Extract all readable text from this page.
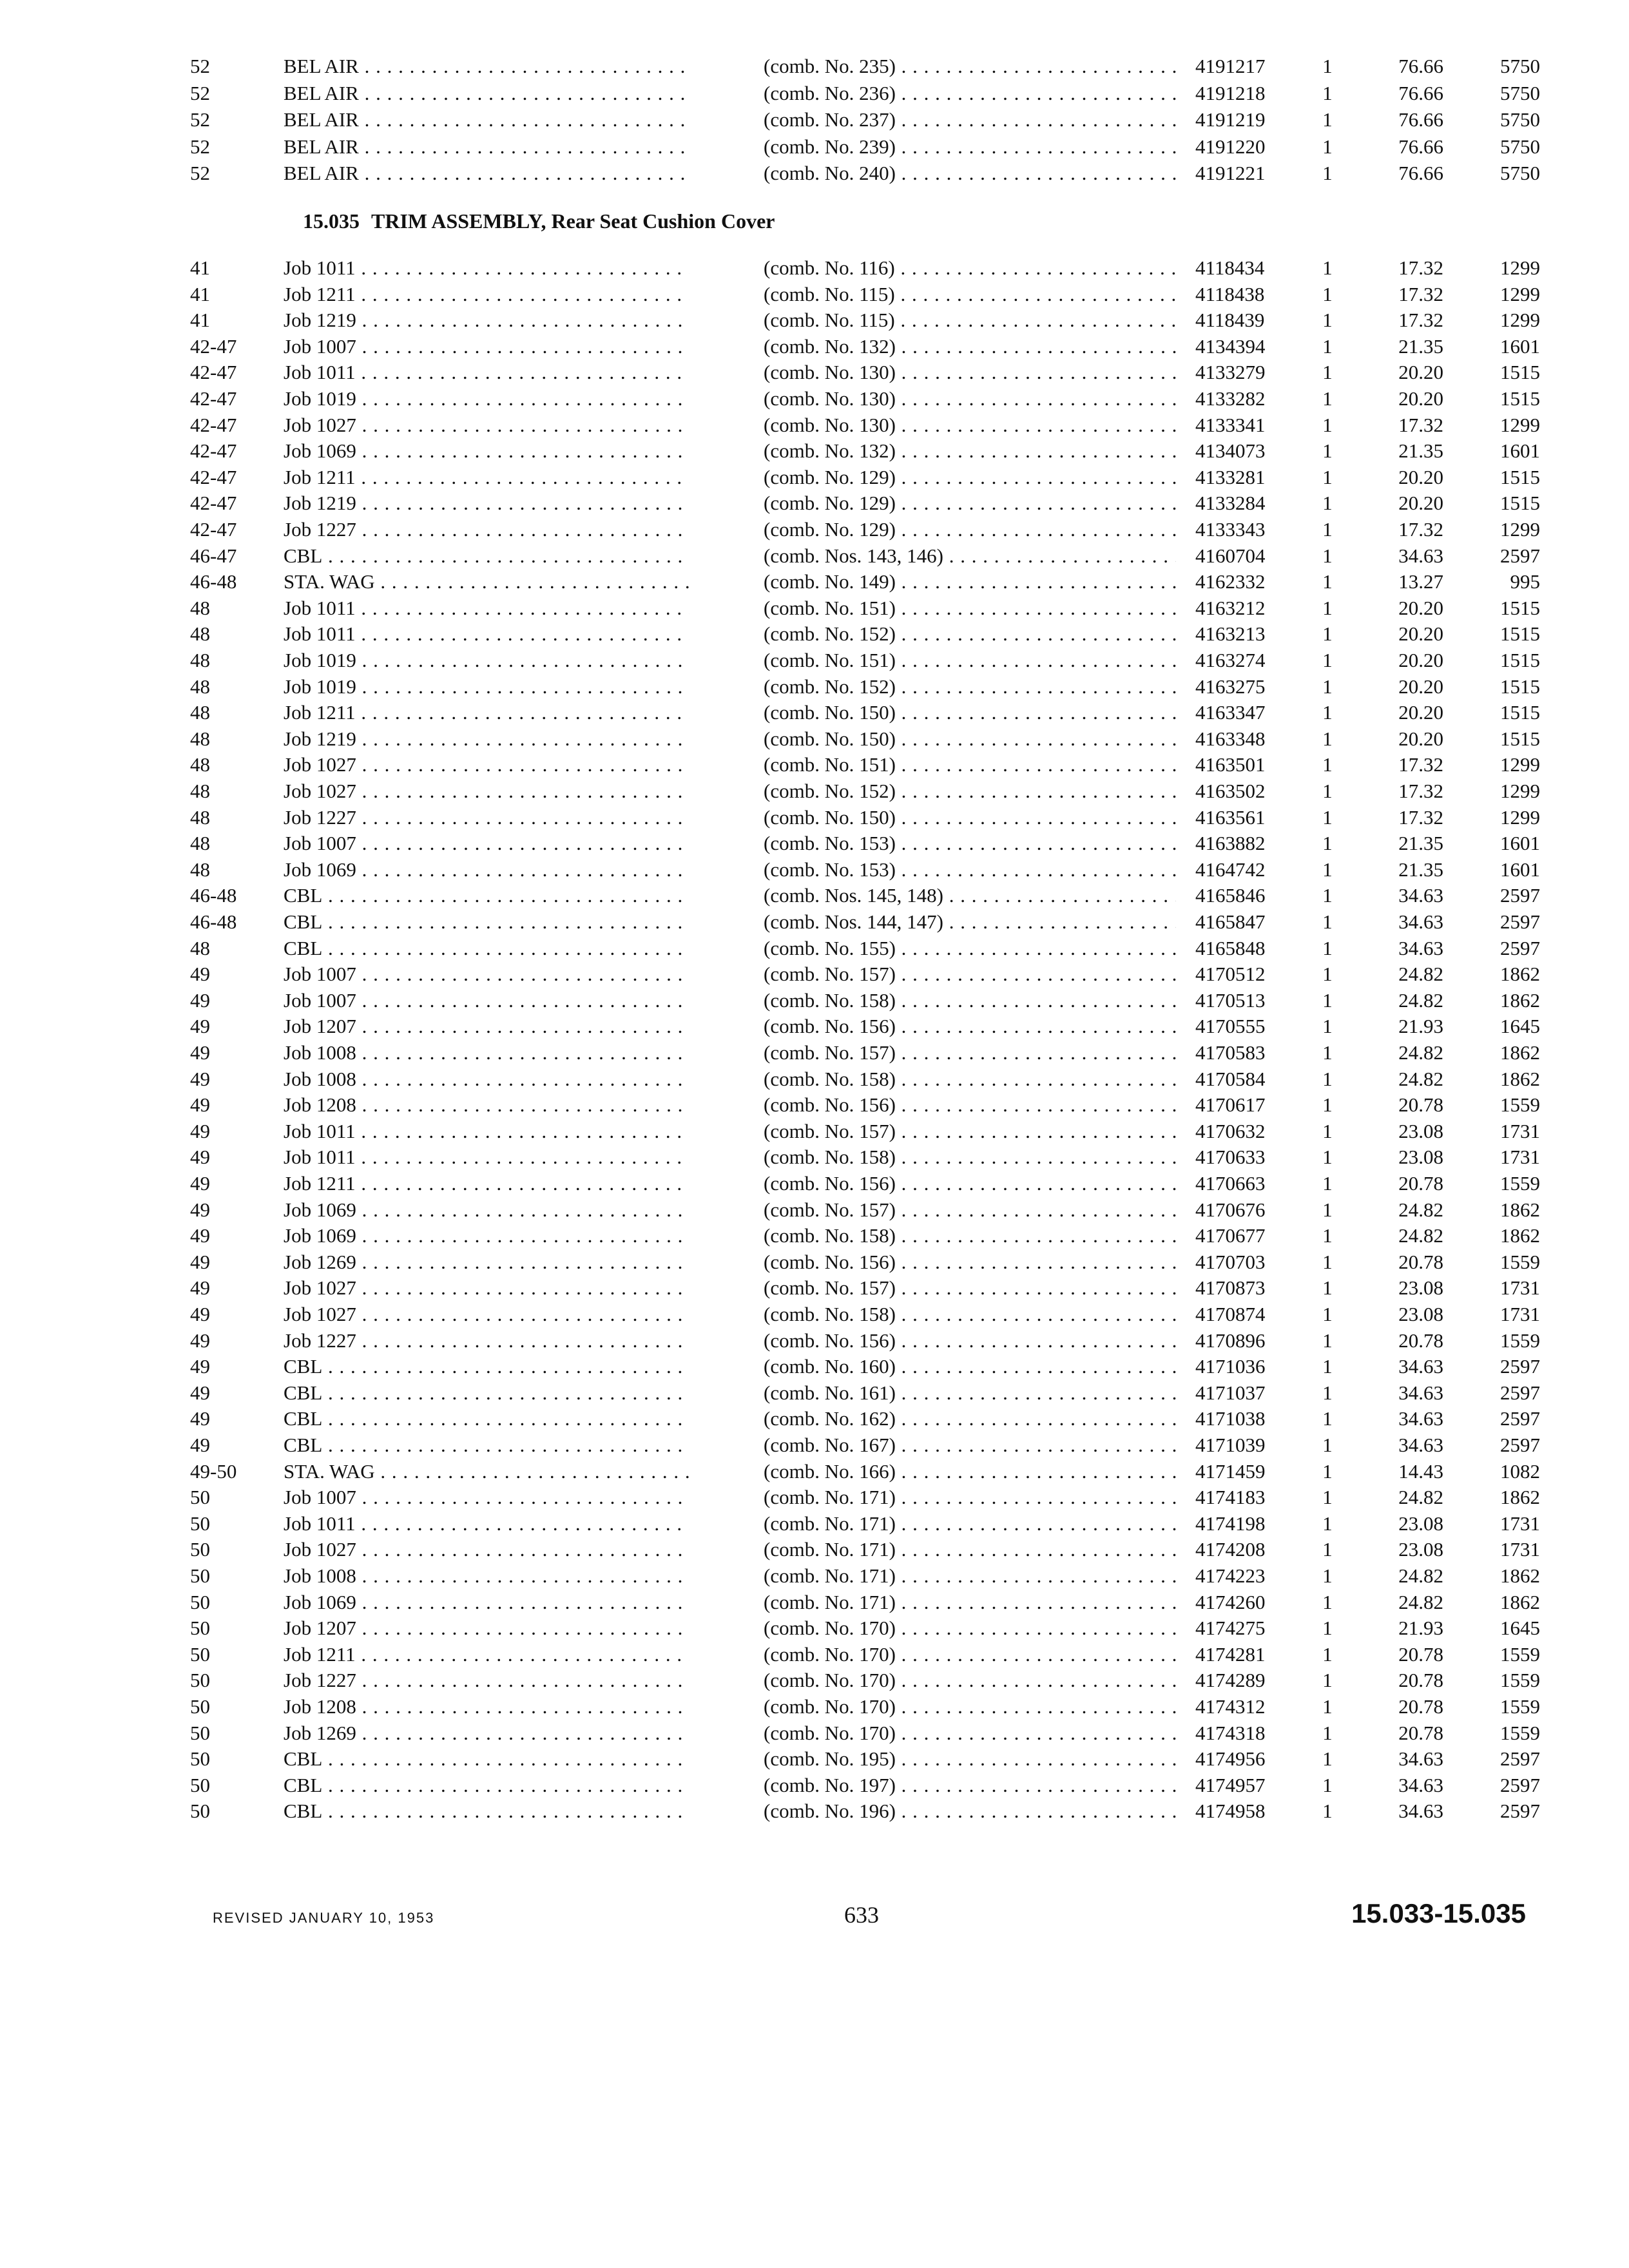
52	BEL AIR . . .	(comb. No. 235) . . .	4191217	1	76.66	5750
52	BEL AIR . . .	(comb. No. 236) . . .	4191218	1	76.66	5750
52	BEL AIR . . .	(comb. No. 237) . . .	4191219	1	76.66	5750
52	BEL AIR . . .	(comb. No. 239) . . .	4191220	1	76.66	5750
52	BEL AIR . . .	(comb. No. 240) . . .	4191221	1	76.66	5750
15.035 TRIM ASSEMBLY, Rear Seat Cushion Cover
41	Job 1011 . . .	(comb. No. 116) . . .	4118434	1	17.32	1299
41	Job 1211 . . .	(comb. No. 115) . . .	4118438	1	17.32	1299
41	Job 1219 . . .	(comb. No. 115) . . .	4118439	1	17.32	1299
42-47	Job 1007 . . .	(comb. No. 132) . . .	4134394	1	21.35	1601
42-47	Job 1011 . . .	(comb. No. 130) . . .	4133279	1	20.20	1515
42-47	Job 1019 . . .	(comb. No. 130) . . .	4133282	1	20.20	1515
42-47	Job 1027 . . .	(comb. No. 130) . . .	4133341	1	17.32	1299
42-47	Job 1069 . . .	(comb. No. 132) . . .	4134073	1	21.35	1601
42-47	Job 1211 . . .	(comb. No. 129) . . .	4133281	1	20.20	1515
42-47	Job 1219 . . .	(comb. No. 129) . . .	4133284	1	20.20	1515
42-47	Job 1227 . . .	(comb. No. 129) . . .	4133343	1	17.32	1299
46-47	CBL . . .	(comb. Nos. 143, 146) . . .	4160704	1	34.63	2597
46-48	STA. WAG . . .	(comb. No. 149) . . .	4162332	1	13.27	995
48	Job 1011 . . .	(comb. No. 151) . . .	4163212	1	20.20	1515
48	Job 1011 . . .	(comb. No. 152) . . .	4163213	1	20.20	1515
48	Job 1019 . . .	(comb. No. 151) . . .	4163274	1	20.20	1515
48	Job 1019 . . .	(comb. No. 152) . . .	4163275	1	20.20	1515
48	Job 1211 . . .	(comb. No. 150) . . .	4163347	1	20.20	1515
48	Job 1219 . . .	(comb. No. 150) . . .	4163348	1	20.20	1515
48	Job 1027 . . .	(comb. No. 151) . . .	4163501	1	17.32	1299
48	Job 1027 . . .	(comb. No. 152) . . .	4163502	1	17.32	1299
48	Job 1227 . . .	(comb. No. 150) . . .	4163561	1	17.32	1299
48	Job 1007 . . .	(comb. No. 153) . . .	4163882	1	21.35	1601
48	Job 1069 . . .	(comb. No. 153) . . .	4164742	1	21.35	1601
46-48	CBL . . .	(comb. Nos. 145, 148) . . .	4165846	1	34.63	2597
46-48	CBL . . .	(comb. Nos. 144, 147) . . .	4165847	1	34.63	2597
48	CBL . . .	(comb. No. 155) . . .	4165848	1	34.63	2597
49	Job 1007 . . .	(comb. No. 157) . . .	4170512	1	24.82	1862
49	Job 1007 . . .	(comb. No. 158) . . .	4170513	1	24.82	1862
49	Job 1207 . . .	(comb. No. 156) . . .	4170555	1	21.93	1645
49	Job 1008 . . .	(comb. No. 157) . . .	4170583	1	24.82	1862
49	Job 1008 . . .	(comb. No. 158) . . .	4170584	1	24.82	1862
49	Job 1208 . . .	(comb. No. 156) . . .	4170617	1	20.78	1559
49	Job 1011 . . .	(comb. No. 157) . . .	4170632	1	23.08	1731
49	Job 1011 . . .	(comb. No. 158) . . .	4170633	1	23.08	1731
49	Job 1211 . . .	(comb. No. 156) . . .	4170663	1	20.78	1559
49	Job 1069 . . .	(comb. No. 157) . . .	4170676	1	24.82	1862
49	Job 1069 . . .	(comb. No. 158) . . .	4170677	1	24.82	1862
49	Job 1269 . . .	(comb. No. 156) . . .	4170703	1	20.78	1559
49	Job 1027 . . .	(comb. No. 157) . . .	4170873	1	23.08	1731
49	Job 1027 . . .	(comb. No. 158) . . .	4170874	1	23.08	1731
49	Job 1227 . . .	(comb. No. 156) . . .	4170896	1	20.78	1559
49	CBL . . .	(comb. No. 160) . . .	4171036	1	34.63	2597
49	CBL . . .	(comb. No. 161) . . .	4171037	1	34.63	2597
49	CBL . . .	(comb. No. 162) . . .	4171038	1	34.63	2597
49	CBL . . .	(comb. No. 167) . . .	4171039	1	34.63	2597
49-50	STA. WAG . . .	(comb. No. 166) . . .	4171459	1	14.43	1082
50	Job 1007 . . .	(comb. No. 171) . . .	4174183	1	24.82	1862
50	Job 1011 . . .	(comb. No. 171) . . .	4174198	1	23.08	1731
50	Job 1027 . . .	(comb. No. 171) . . .	4174208	1	23.08	1731
50	Job 1008 . . .	(comb. No. 171) . . .	4174223	1	24.82	1862
50	Job 1069 . . .	(comb. No. 171) . . .	4174260	1	24.82	1862
50	Job 1207 . . .	(comb. No. 170) . . .	4174275	1	21.93	1645
50	Job 1211 . . .	(comb. No. 170) . . .	4174281	1	20.78	1559
50	Job 1227 . . .	(comb. No. 170) . . .	4174289	1	20.78	1559
50	Job 1208 . . .	(comb. No. 170) . . .	4174312	1	20.78	1559
50	Job 1269 . . .	(comb. No. 170) . . .	4174318	1	20.78	1559
50	CBL . . .	(comb. No. 195) . . .	4174956	1	34.63	2597
50	CBL . . .	(comb. No. 197) . . .	4174957	1	34.63	2597
50	CBL . . .	(comb. No. 196) . . .	4174958	1	34.63	2597
REVISED JANUARY 10, 1953	633	15.033-15.035
